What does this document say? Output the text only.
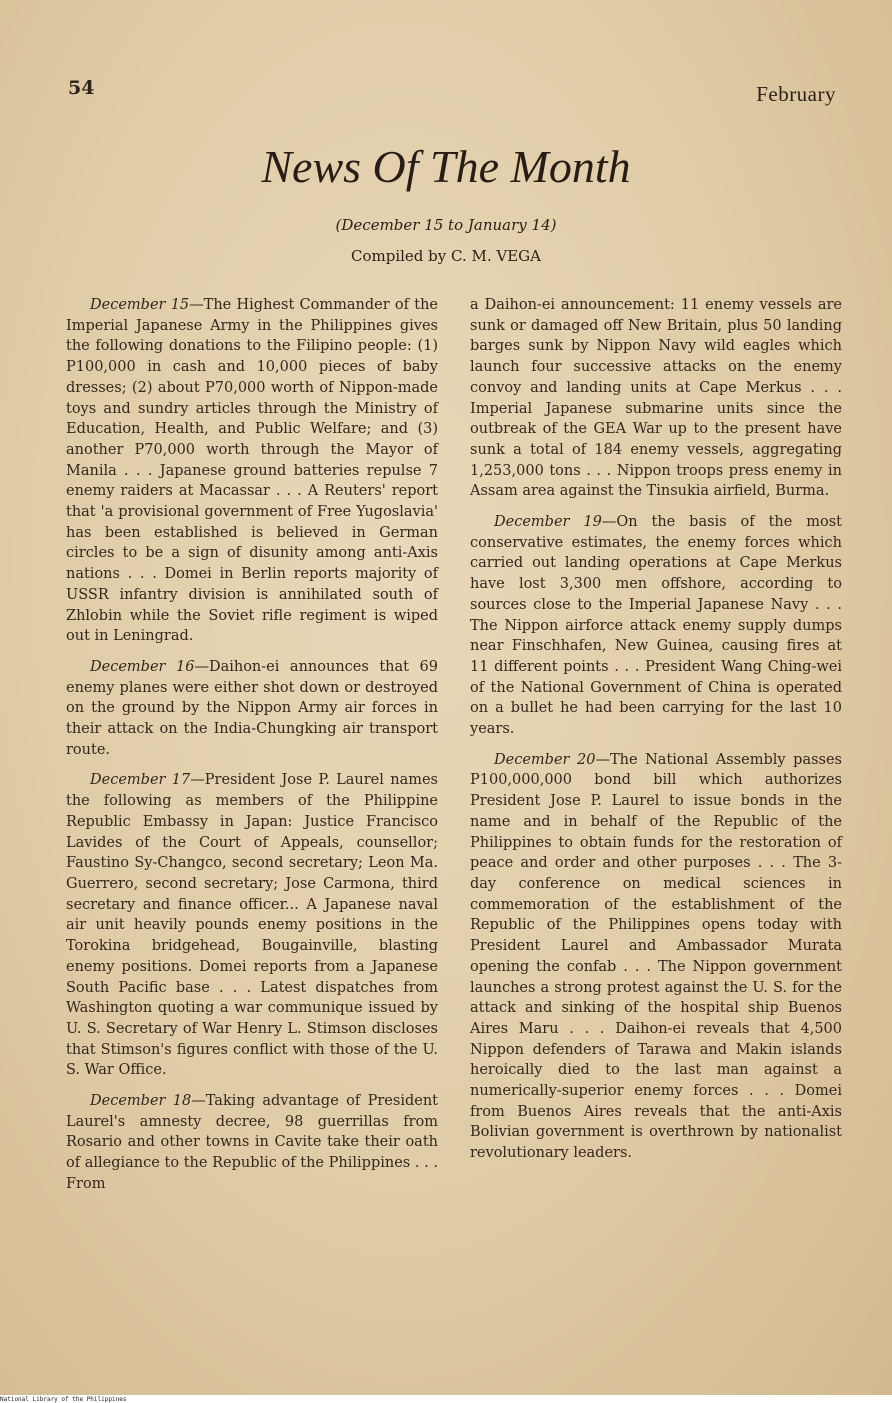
54	February
News Of The Month
(December 15 to January 14)
Compiled by C. M. VEGA

December 15—The Highest Commander of the Imperial Japanese Army in the Philippines gives the following donations to the Filipino people: (1) P100,000 in cash and 10,000 pieces of baby dresses; (2) about P70,000 worth of Nippon-made toys and sundry articles through the Ministry of Education, Health, and Public Welfare; and (3) another P70,000 worth through the Mayor of Manila . . . Japanese ground batteries repulse 7 enemy raiders at Macassar . . . A Reuters' report that 'a provisional government of Free Yugoslavia' has been established is believed in German circles to be a sign of disunity among anti-Axis nations . . . Domei in Berlin reports majority of USSR infantry division is annihilated south of Zhlobin while the Soviet rifle regiment is wiped out in Leningrad.

December 16—Daihon-ei announces that 69 enemy planes were either shot down or destroyed on the ground by the Nippon Army air forces in their attack on the India-Chungking air transport route.

December 17—President Jose P. Laurel names the following as members of the Philippine Republic Embassy in Japan: Justice Francisco Lavides of the Court of Appeals, counsellor; Faustino Sy-Changco, second secretary; Leon Ma. Guerrero, second secretary; Jose Carmona, third secretary and finance officer... A Japanese naval air unit heavily pounds enemy positions in the Torokina bridgehead, Bougainville, blasting enemy positions. Domei reports from a Japanese South Pacific base . . . Latest dispatches from Washington quoting a war communique issued by U. S. Secretary of War Henry L. Stimson discloses that Stimson's figures conflict with those of the U. S. War Office.

December 18—Taking advantage of President Laurel's amnesty decree, 98 guerrillas from Rosario and other towns in Cavite take their oath of allegiance to the Republic of the Philippines . . . From

a Daihon-ei announcement: 11 enemy vessels are sunk or damaged off New Britain, plus 50 landing barges sunk by Nippon Navy wild eagles which launch four successive attacks on the enemy convoy and landing units at Cape Merkus . . . Imperial Japanese submarine units since the outbreak of the GEA War up to the present have sunk a total of 184 enemy vessels, aggregating 1,253,000 tons . . . Nippon troops press enemy in Assam area against the Tinsukia airfield, Burma.

December 19—On the basis of the most conservative estimates, the enemy forces which carried out landing operations at Cape Merkus have lost 3,300 men offshore, according to sources close to the Imperial Japanese Navy . . . The Nippon airforce attack enemy supply dumps near Finschhafen, New Guinea, causing fires at 11 different points . . . President Wang Ching-wei of the National Government of China is operated on a bullet he had been carrying for the last 10 years.

December 20—The National Assembly passes P100,000,000 bond bill which authorizes President Jose P. Laurel to issue bonds in the name and in behalf of the Republic of the Philippines to obtain funds for the restoration of peace and order and other purposes . . . The 3-day conference on medical sciences in commemoration of the establishment of the Republic of the Philippines opens today with President Laurel and Ambassador Murata opening the confab . . . The Nippon government launches a strong protest against the U. S. for the attack and sinking of the hospital ship Buenos Aires Maru . . . Daihon-ei reveals that 4,500 Nippon defenders of Tarawa and Makin islands heroically died to the last man against a numerically-superior enemy forces . . . Domei from Buenos Aires reveals that the anti-Axis Bolivian government is overthrown by nationalist revolutionary leaders.

National Library of the Philippines
